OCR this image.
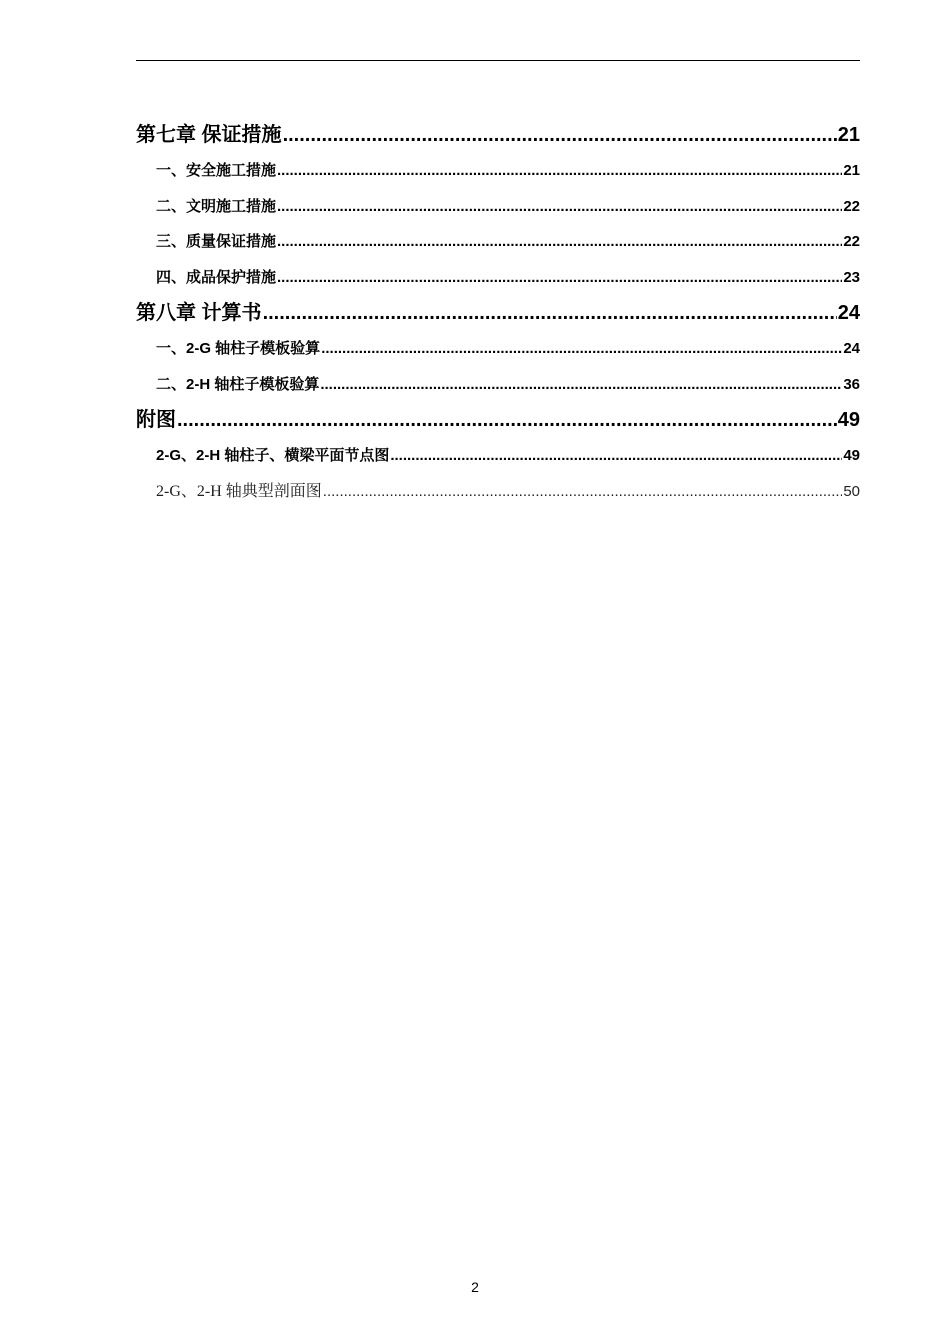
第七章 保证措施 .....	21
一、安全施工措施 .....	21
二、文明施工措施 .....	22
三、质量保证措施 .....	22
四、成品保护措施 .....	23
第八章 计算书 .....	24
一、2-G 轴柱子模板验算 .....	24
二、2-H 轴柱子模板验算 .....	36
附图 .....	49
2-G、2-H 轴柱子、横梁平面节点图 .....	49
2-G、2-H 轴典型剖面图 .....	50
2
